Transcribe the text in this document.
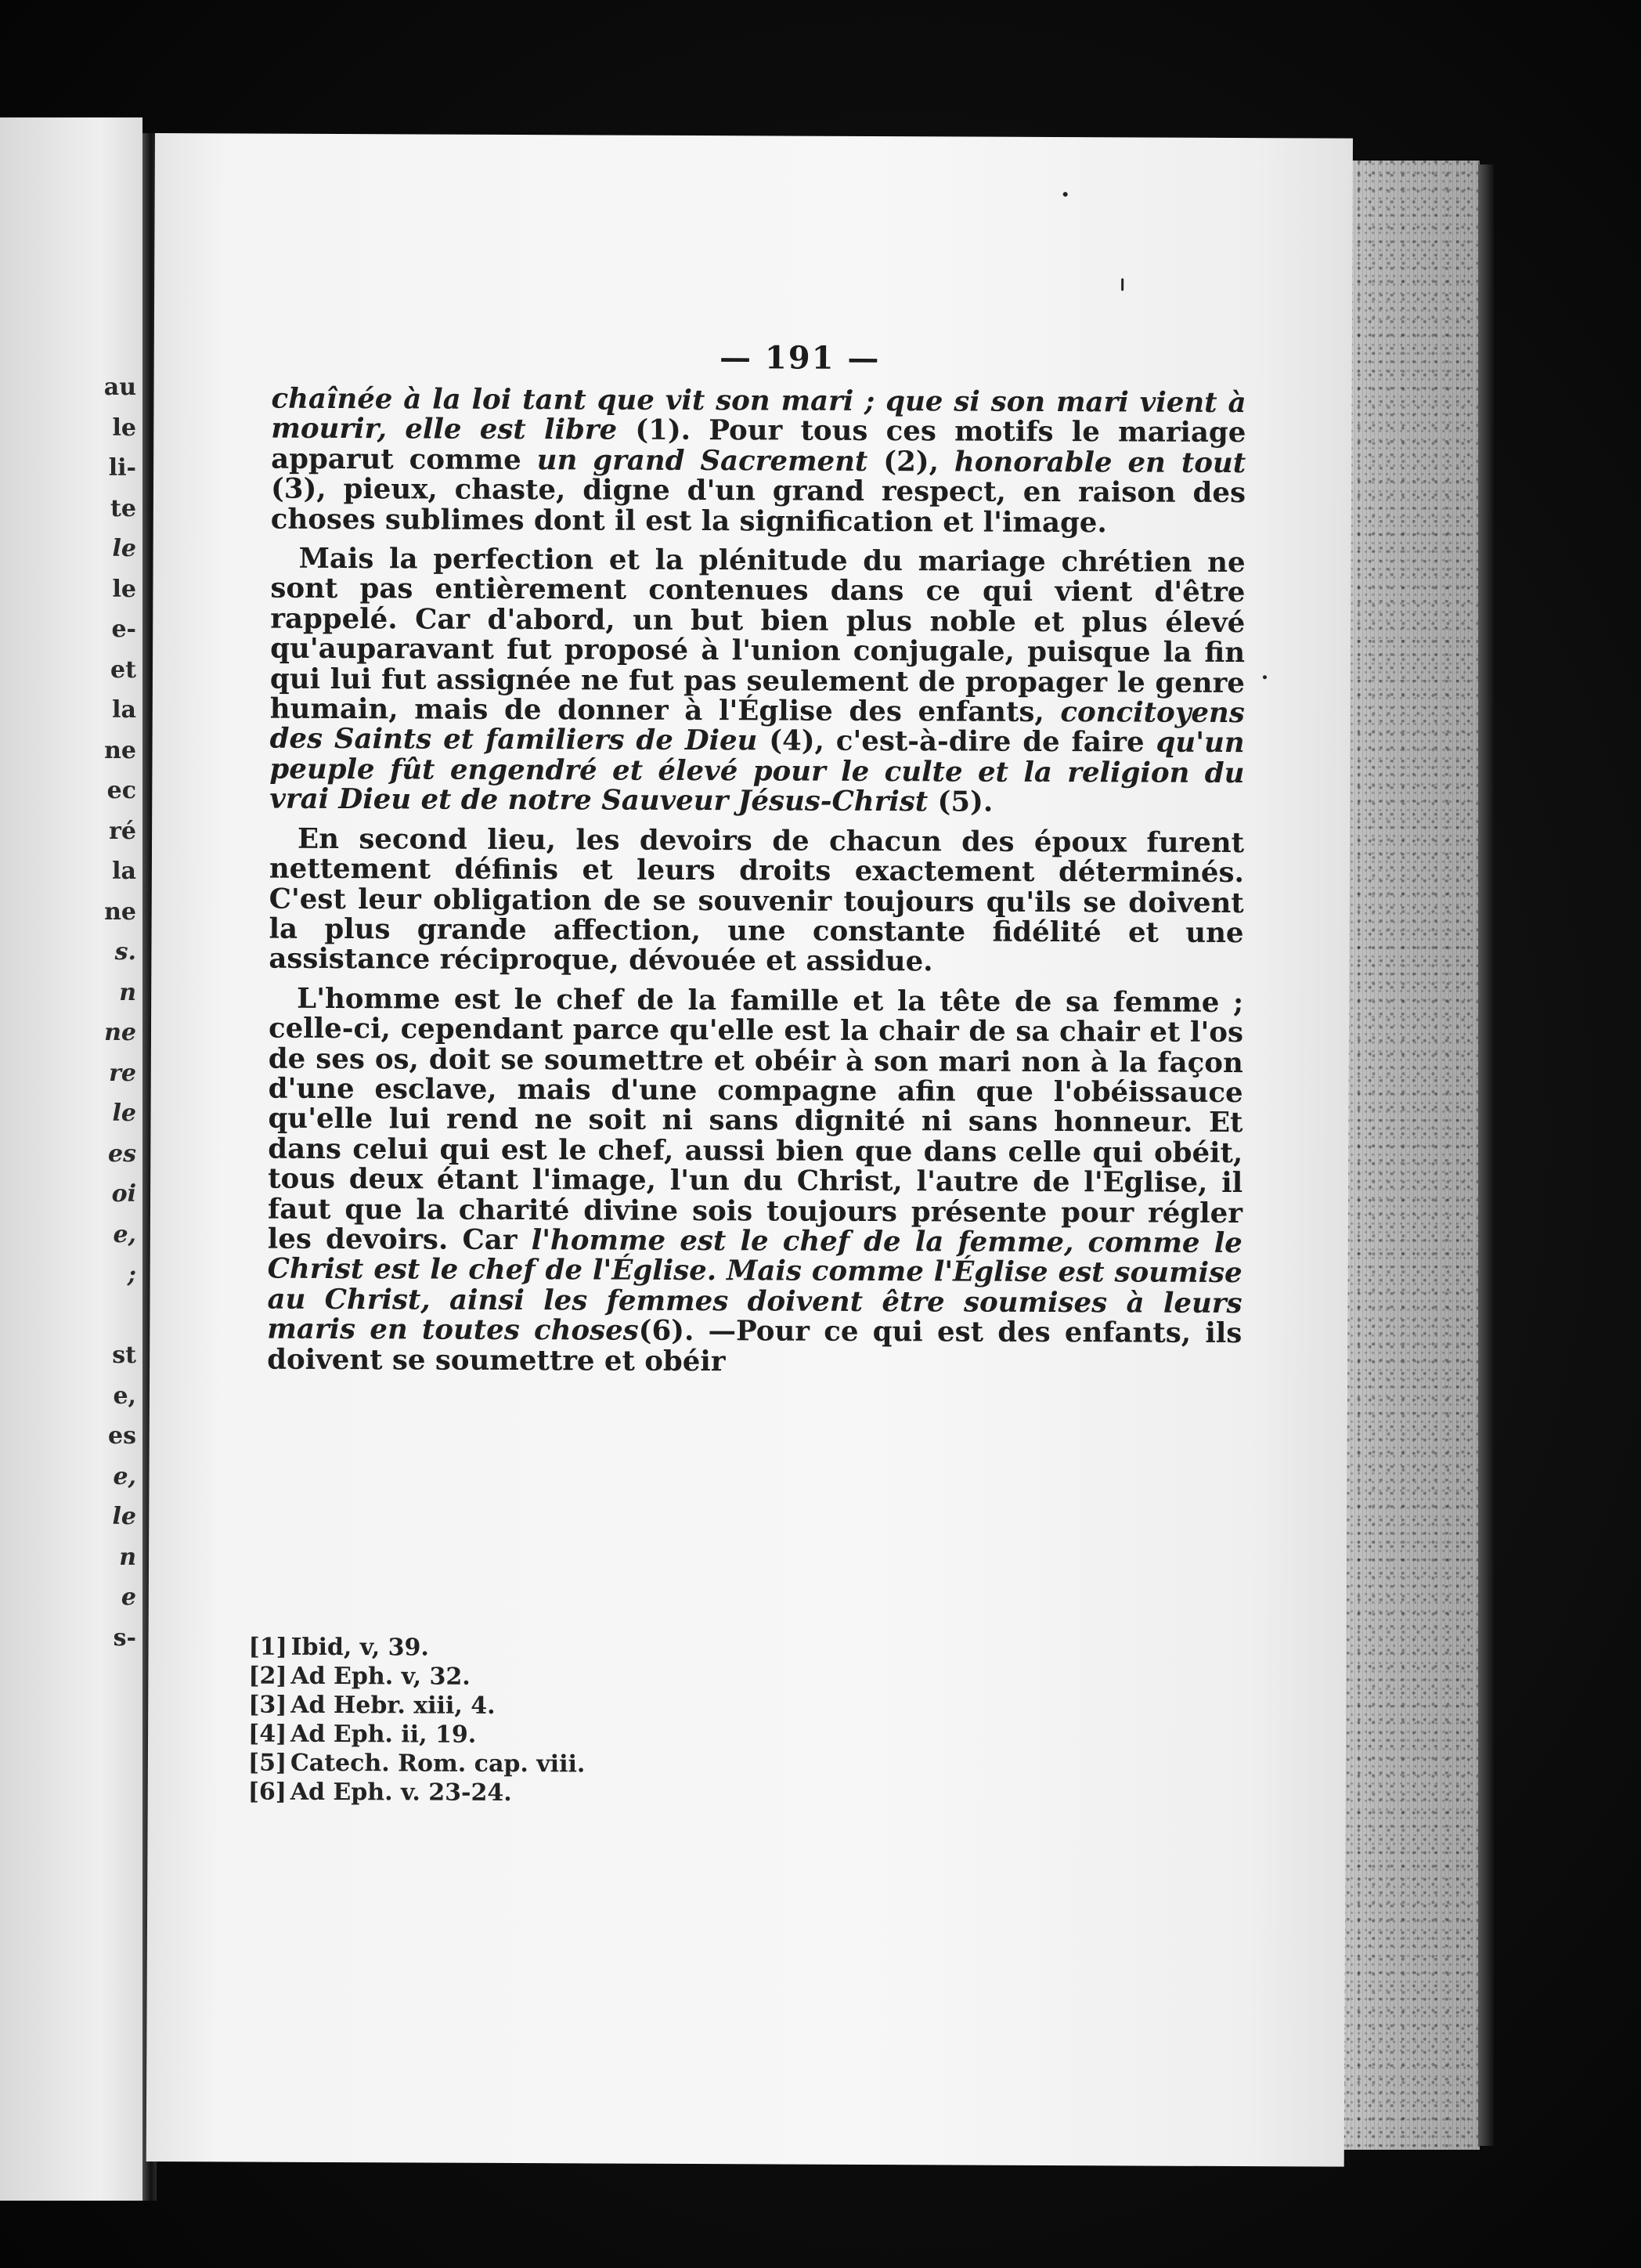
au
le
li-
te
le
le
e-
et
la
ne
ec
ré
la
ne
s.
n
ne
re
le
es
oi
e,
;
st
e,
es
e,
le
n
e
s-
— 191 —

chaînée à la loi tant que vit son mari ; que si son mari vient à mourir, elle est libre (1). Pour tous ces motifs le mariage apparut comme un grand Sacrement (2), honorable en tout (3), pieux, chaste, digne d'un grand respect, en raison des choses sublimes dont il est la signification et l'image.

Mais la perfection et la plénitude du mariage chrétien ne sont pas entièrement contenues dans ce qui vient d'être rappelé. Car d'abord, un but bien plus noble et plus élevé qu'auparavant fut proposé à l'union conjugale, puisque la fin qui lui fut assignée ne fut pas seulement de propager le genre humain, mais de donner à l'Église des enfants, concitoyens des Saints et familiers de Dieu (4), c'est-à-dire de faire qu'un peuple fût engendré et élevé pour le culte et la religion du vrai Dieu et de notre Sauveur Jésus-Christ (5).

En second lieu, les devoirs de chacun des époux furent nettement définis et leurs droits exactement déterminés. C'est leur obligation de se souvenir toujours qu'ils se doivent la plus grande affection, une constante fidélité et une assistance réciproque, dévouée et assidue.

L'homme est le chef de la famille et la tête de sa femme ; celle-ci, cependant parce qu'elle est la chair de sa chair et l'os de ses os, doit se soumettre et obéir à son mari non à la façon d'une esclave, mais d'une compagne afin que l'obéissauce qu'elle lui rend ne soit ni sans dignité ni sans honneur. Et dans celui qui est le chef, aussi bien que dans celle qui obéit, tous deux étant l'image, l'un du Christ, l'autre de l'Eglise, il faut que la charité divine sois toujours présente pour régler les devoirs. Car l'homme est le chef de la femme, comme le Christ est le chef de l'Église. Mais comme l'Église est soumise au Christ, ainsi les femmes doivent être soumises à leurs maris en toutes choses(6). —Pour ce qui est des enfants, ils doivent se soumettre et obéir

[1] Ibid, v, 39.
[2] Ad Eph. v, 32.
[3] Ad Hebr. xiii, 4.
[4] Ad Eph. ii, 19.
[5] Catech. Rom. cap. viii.
[6] Ad Eph. v. 23-24.
